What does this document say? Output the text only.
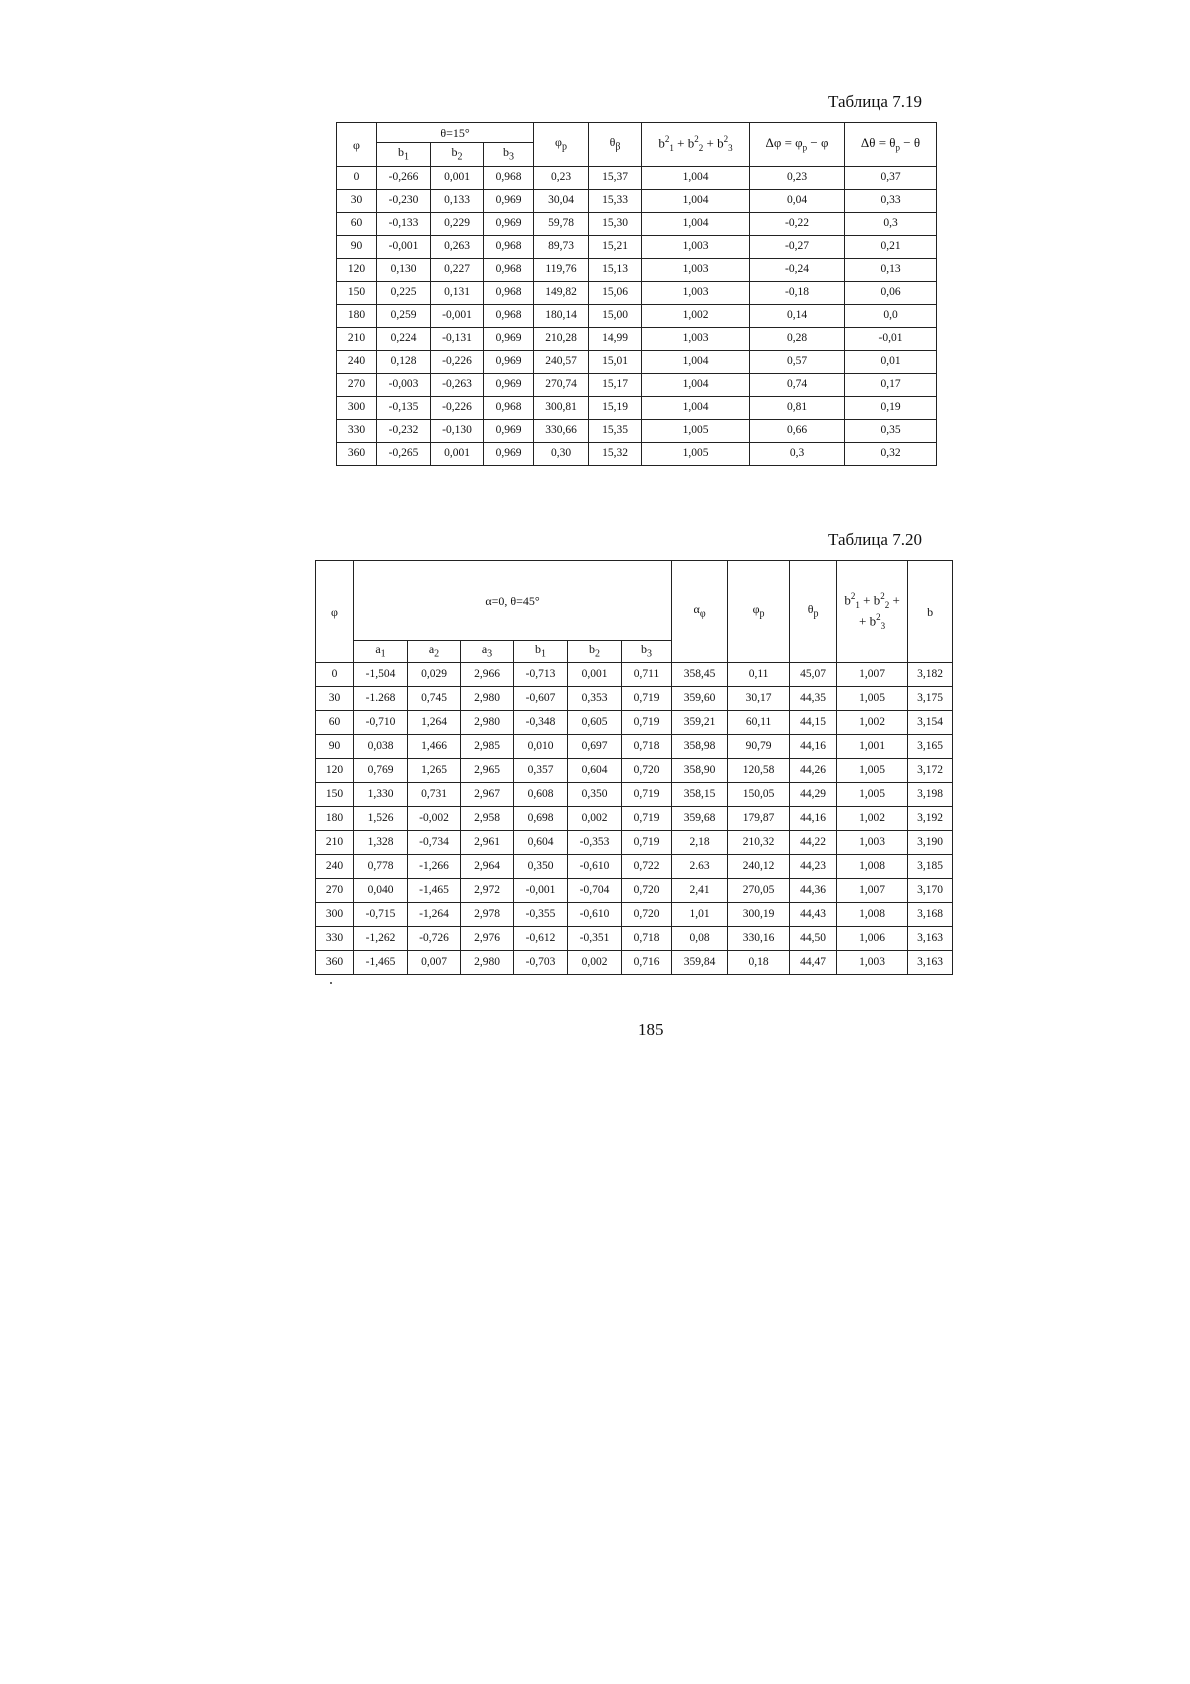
Таблица 7.19
φ	θ=15°			$\varphi_p$	$\theta_\beta$	$b^2_1 + b^2_2 + b^2_3$	$\Delta\varphi = \varphi_p - \varphi$	$\Delta\theta = \theta_p - \theta$
	$b_1$	$b_2$	$b_3$
0	-0,266	0,001	0,968	0,23	15,37	1,004	0,23	0,37
30	-0,230	0,133	0,969	30,04	15,33	1,004	0,04	0,33
60	-0,133	0,229	0,969	59,78	15,30	1,004	-0,22	0,3
90	-0,001	0,263	0,968	89,73	15,21	1,003	-0,27	0,21
120	0,130	0,227	0,968	119,76	15,13	1,003	-0,24	0,13
150	0,225	0,131	0,968	149,82	15,06	1,003	-0,18	0,06
180	0,259	-0,001	0,968	180,14	15,00	1,002	0,14	0,0
210	0,224	-0,131	0,969	210,28	14,99	1,003	0,28	-0,01
240	0,128	-0,226	0,969	240,57	15,01	1,004	0,57	0,01
270	-0,003	-0,263	0,969	270,74	15,17	1,004	0,74	0,17
300	-0,135	-0,226	0,968	300,81	15,19	1,004	0,81	0,19
330	-0,232	-0,130	0,969	330,66	15,35	1,005	0,66	0,35
360	-0,265	0,001	0,969	0,30	15,32	1,005	0,3	0,32
Таблица 7.20
φ	α=0, θ=45°						$\alpha_\varphi$	$\varphi_p$	$\theta_p$	$b^2_1 + b^2_2$ +
+ $b^2_3$	b
	$a_1$	$a_2$	$a_3$	$b_1$	$b_2$	$b_3$
0	-1,504	0,029	2,966	-0,713	0,001	0,711	358,45	0,11	45,07	1,007	3,182
30	-1.268	0,745	2,980	-0,607	0,353	0,719	359,60	30,17	44,35	1,005	3,175
60	-0,710	1,264	2,980	-0,348	0,605	0,719	359,21	60,11	44,15	1,002	3,154
90	0,038	1,466	2,985	0,010	0,697	0,718	358,98	90,79	44,16	1,001	3,165
120	0,769	1,265	2,965	0,357	0,604	0,720	358,90	120,58	44,26	1,005	3,172
150	1,330	0,731	2,967	0,608	0,350	0,719	358,15	150,05	44,29	1,005	3,198
180	1,526	-0,002	2,958	0,698	0,002	0,719	359,68	179,87	44,16	1,002	3,192
210	1,328	-0,734	2,961	0,604	-0,353	0,719	2,18	210,32	44,22	1,003	3,190
240	0,778	-1,266	2,964	0,350	-0,610	0,722	2.63	240,12	44,23	1,008	3,185
270	0,040	-1,465	2,972	-0,001	-0,704	0,720	2,41	270,05	44,36	1,007	3,170
300	-0,715	-1,264	2,978	-0,355	-0,610	0,720	1,01	300,19	44,43	1,008	3,168
330	-1,262	-0,726	2,976	-0,612	-0,351	0,718	0,08	330,16	44,50	1,006	3,163
360	-1,465	0,007	2,980	-0,703	0,002	0,716	359,84	0,18	44,47	1,003	3,163
185
